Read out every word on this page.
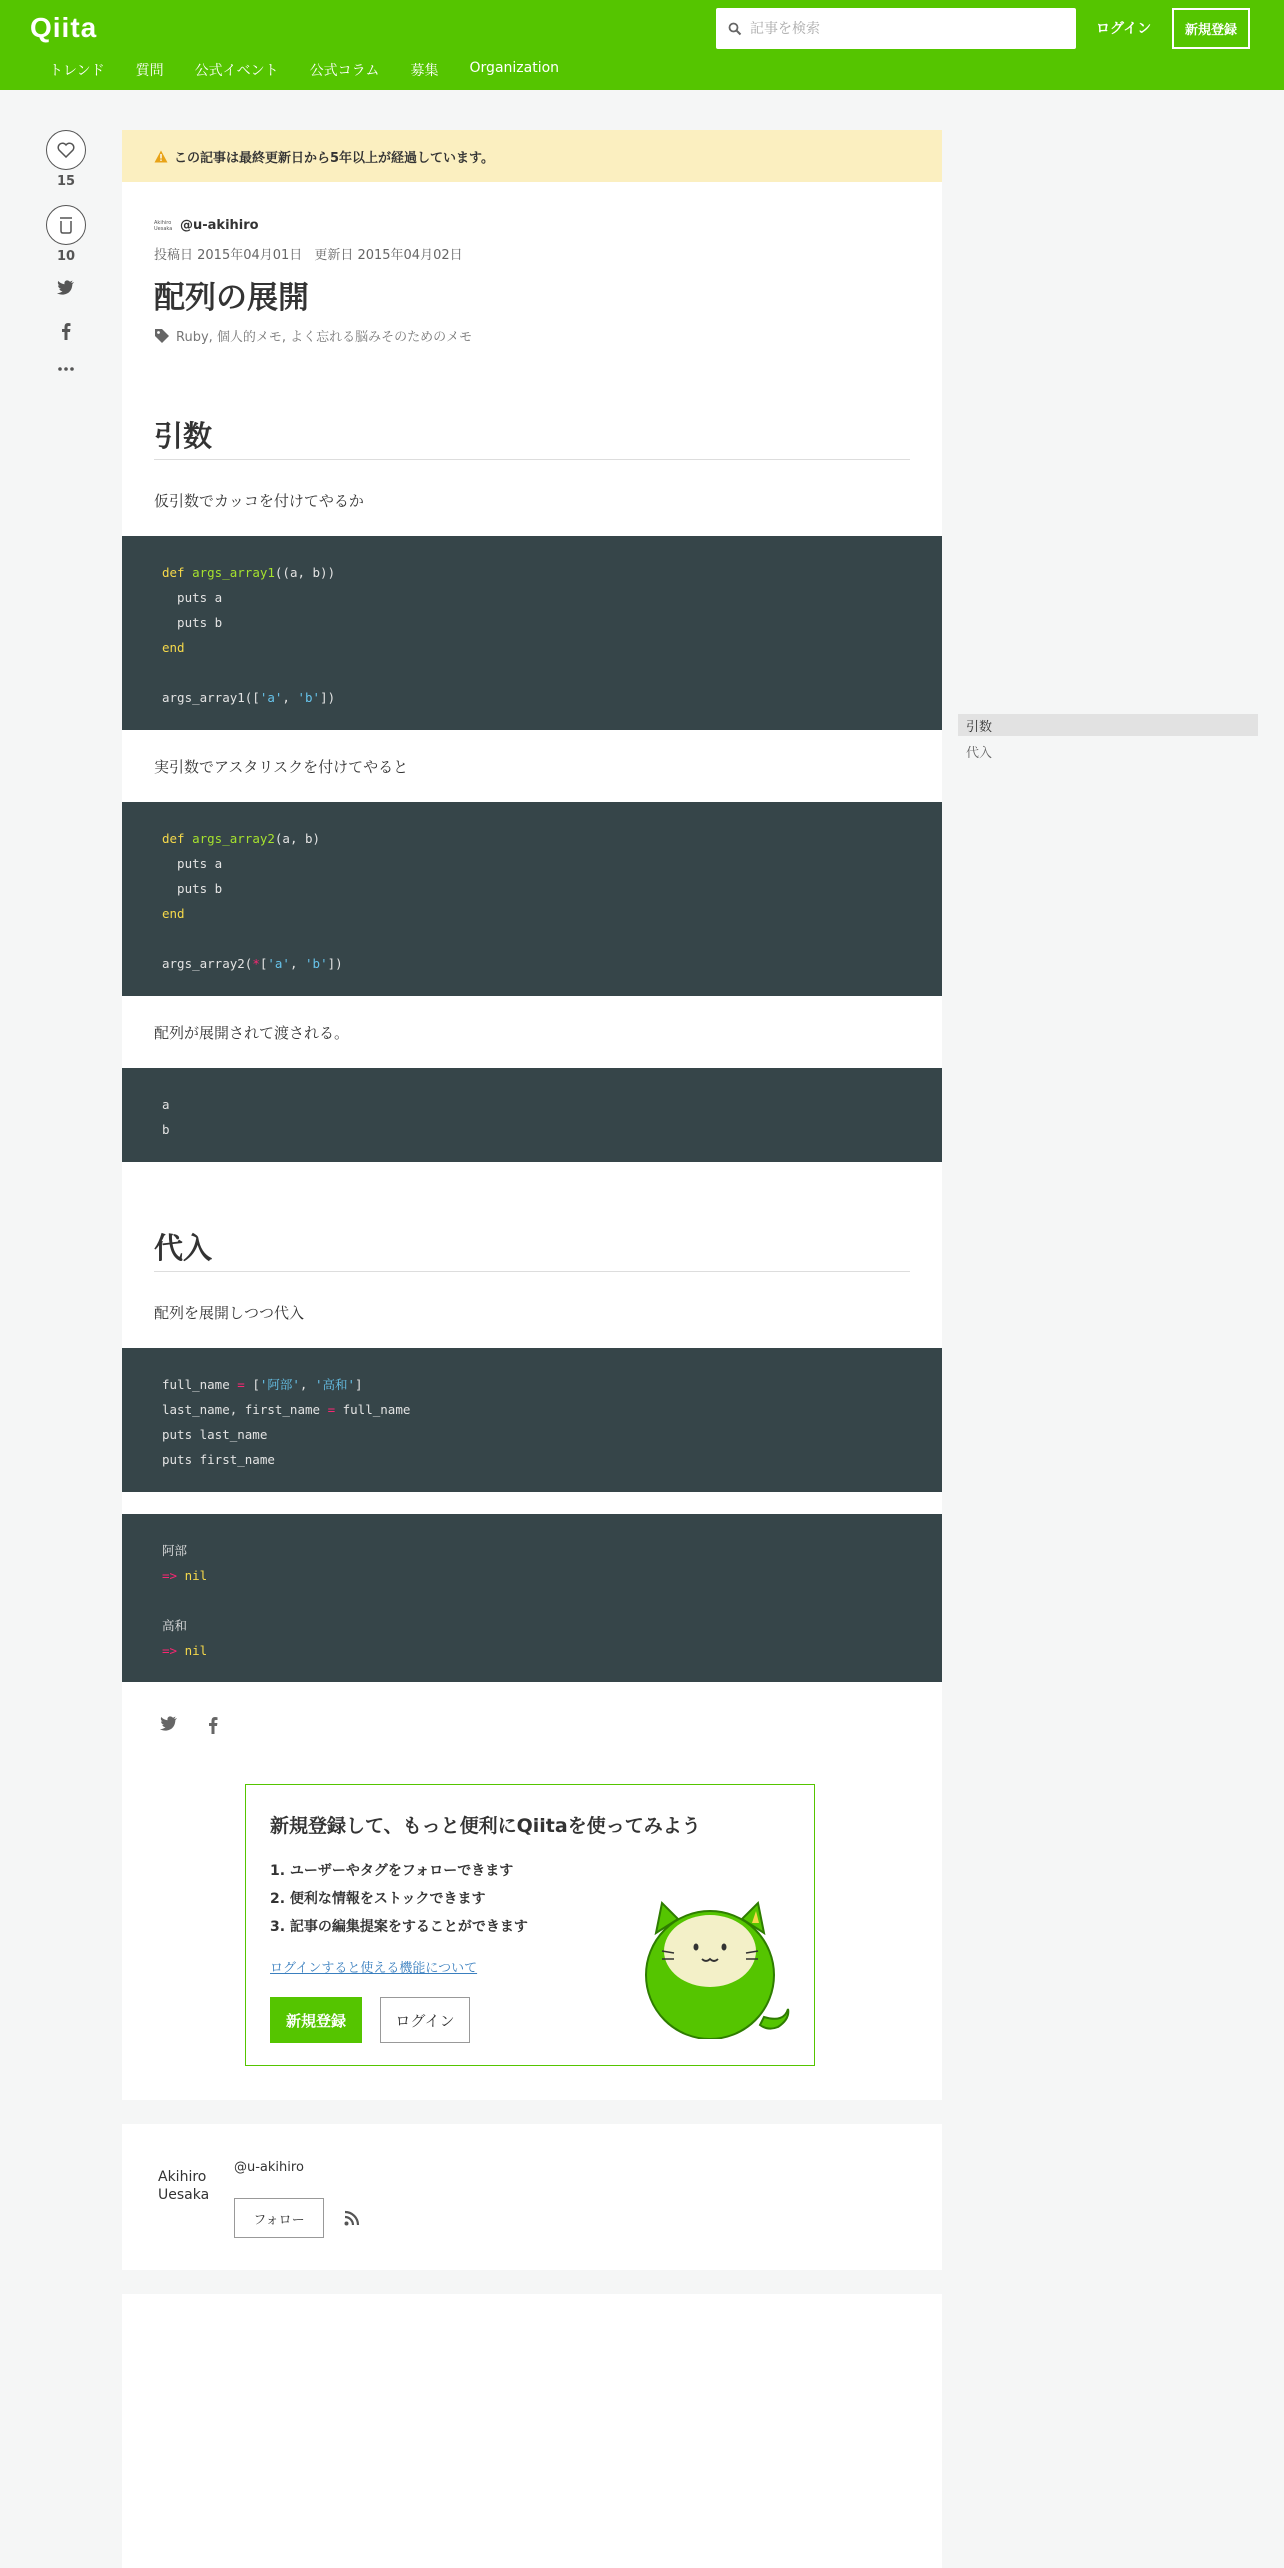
Qiita
記事を検索	ログイン	新規登録
トレンド 質問 公式イベント 公式コラム 募集 Organization
15
10
この記事は最終更新日から5年以上が経過しています。
Akihiro Uesaka @u-akihiro
投稿日 2015年04月01日 更新日 2015年04月02日
配列の展開
Ruby, 個人的メモ, よく忘れる脳みそのためのメモ
引数
仮引数でカッコを付けてやるか
def args_array1((a, b))
puts a
puts b
end

args_array1(['a', 'b'])
実引数でアスタリスクを付けてやると
def args_array2(a, b)
puts a
puts b
end

args_array2(*['a', 'b'])
配列が展開されて渡される。
a
b
代入
配列を展開しつつ代入
full_name = ['阿部', '高和']
last_name, first_name = full_name
puts last_name
puts first_name
阿部
=> nil

高和
=> nil
新規登録して、もっと便利にQiitaを使ってみよう
1. ユーザーやタグをフォローできます
2. 便利な情報をストックできます
3. 記事の編集提案をすることができます
ログインすると使える機能について
新規登録	ログイン
Akihiro
Uesaka
@u-akihiro
フォロー
引数
代入
